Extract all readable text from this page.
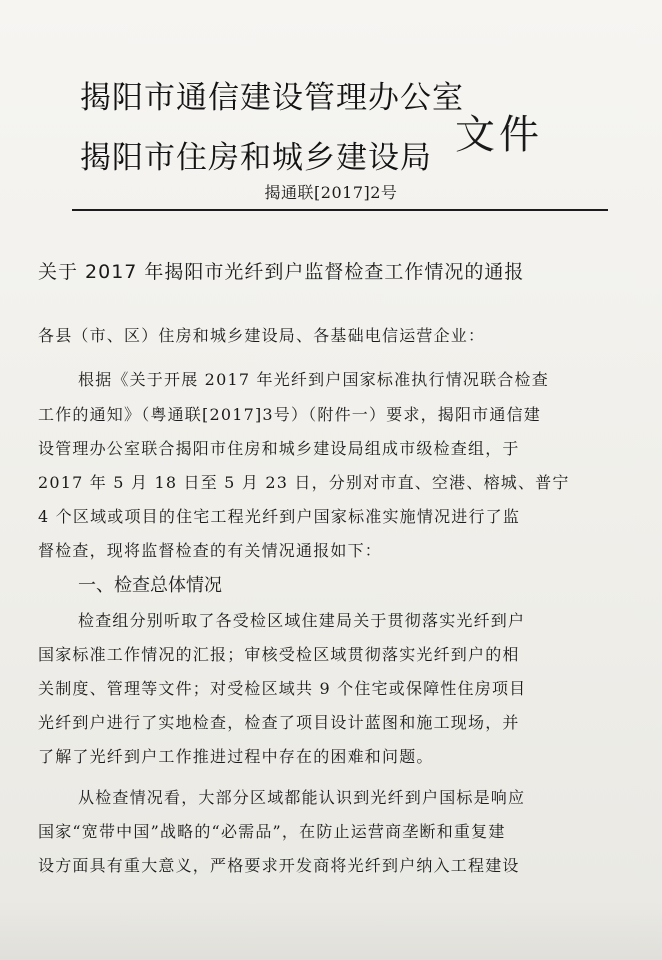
揭阳市通信建设管理办公室
揭阳市住房和城乡建设局 文件
揭通联[2017]2号
关于 2017 年揭阳市光纤到户监督检查工作情况的通报
各县（市、区）住房和城乡建设局、各基础电信运营企业：
根据《关于开展 2017 年光纤到户国家标准执行情况联合检查
工作的通知》（粤通联[2017]3号）（附件一）要求，揭阳市通信建
设管理办公室联合揭阳市住房和城乡建设局组成市级检查组，于
2017 年 5 月 18 日至 5 月 23 日，分别对市直、空港、榕城、普宁
4 个区域或项目的住宅工程光纤到户国家标准实施情况进行了监
督检查，现将监督检查的有关情况通报如下：
一、检查总体情况
检查组分别听取了各受检区域住建局关于贯彻落实光纤到户
国家标准工作情况的汇报；审核受检区域贯彻落实光纤到户的相
关制度、管理等文件；对受检区域共 9 个住宅或保障性住房项目
光纤到户进行了实地检查，检查了项目设计蓝图和施工现场，并
了解了光纤到户工作推进过程中存在的困难和问题。
从检查情况看，大部分区域都能认识到光纤到户国标是响应
国家“宽带中国”战略的“必需品”，在防止运营商垄断和重复建
设方面具有重大意义，严格要求开发商将光纤到户纳入工程建设
